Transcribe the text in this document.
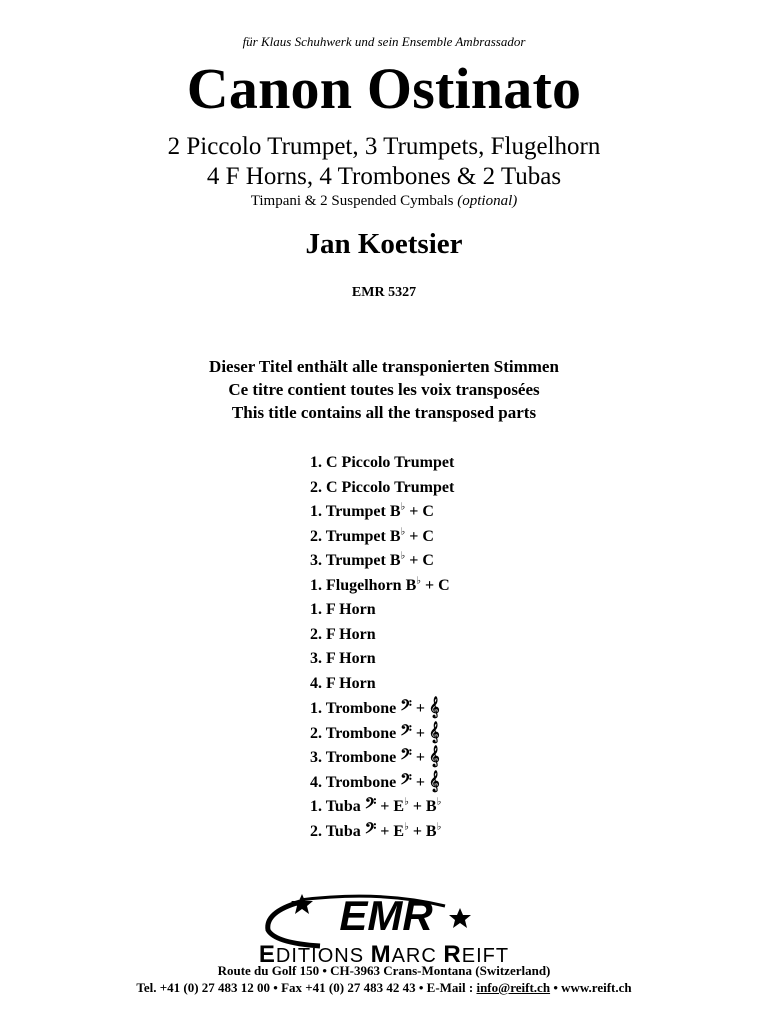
für Klaus Schuhwerk und sein Ensemble Ambrassador
Canon Ostinato
2 Piccolo Trumpet, 3 Trumpets, Flugelhorn
4 F Horns, 4 Trombones & 2 Tubas
Timpani & 2 Suspended Cymbals (optional)
Jan Koetsier
EMR 5327
Dieser Titel enthält alle transponierten Stimmen
Ce titre contient toutes les voix transposées
This title contains all the transposed parts
1. C Piccolo Trumpet
2. C Piccolo Trumpet
1. Trumpet B♭ + C
2. Trumpet B♭ + C
3. Trumpet B♭ + C
1. Flugelhorn B♭ + C
1. F Horn
2. F Horn
3. F Horn
4. F Horn
1. Trombone 𝄢 + 𝄞
2. Trombone 𝄢 + 𝄞
3. Trombone 𝄢 + 𝄞
4. Trombone 𝄢 + 𝄞
1. Tuba 𝄢 + E♭ + B♭
2. Tuba 𝄢 + E♭ + B♭
EMR
EDITIONS MARC REIFT
Route du Golf 150 • CH-3963 Crans-Montana (Switzerland)
Tel. +41 (0) 27 483 12 00 • Fax +41 (0) 27 483 42 43 • E-Mail : info@reift.ch • www.reift.ch
